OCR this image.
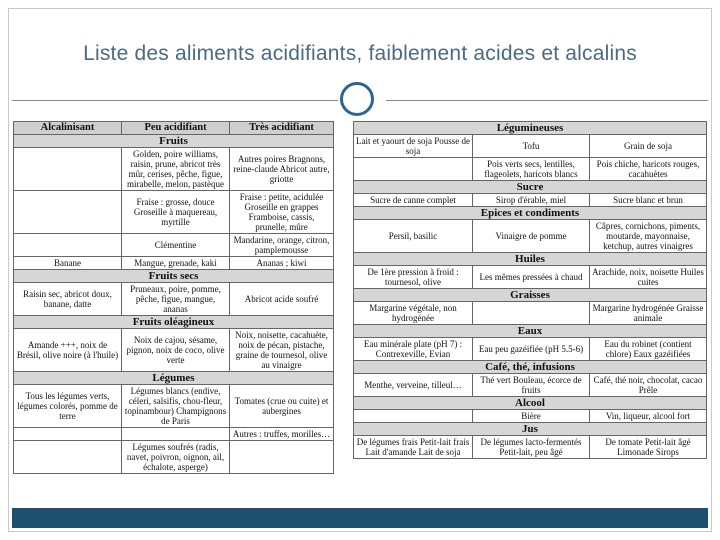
Liste des aliments acidifiants, faiblement acides et alcalins
Alcalinisant	Peu acidifiant	Très acidifiant
Fruits		
	Golden, poire williams, raisin, prune, abricot très mûr, cerises, pêche, figue, mirabelle, melon, pastèque	Autres poires Bragnons, reine-claude Abricot autre, griotte
	Fraise : grosse, douce Groseille à maquereau, myrtille	Fraise : petite, acidulée Groseille en grappes Framboise, cassis, prunelle, mûre
	Clémentine	Mandarine, orange, citron, pamplemousse
Banane	Mangue, grenade, kaki	Ananas ; kiwi
Fruits secs		
Raisin sec, abricot doux, banane, datte	Pruneaux, poire, pomme, pêche, figue, mangue, ananas	Abricot acide soufré
Fruits oléagineux		
Amande +++, noix de Brésil, olive noire (à l'huile)	Noix de cajou, sésame, pignon, noix de coco, olive verte	Noix, noisette, cacahuète, noix de pécan, pistache, graine de tournesol, olive au vinaigre
Légumes		
Tous les légumes verts, légumes colorés, pomme de terre	Légumes blancs (endive, céleri, salsifis, chou-fleur, topinambour) Champignons de Paris	Tomates (crue ou cuite) et aubergines
		Autres : truffes, morilles…
	Légumes soufrés (radis, navet, poivron, oignon, ail, échalote, asperge)	
Légumineuses		
Lait et yaourt de soja Pousse de soja	Tofu	Grain de soja
	Pois verts secs, lentilles, flageolets, haricots blancs	Pois chiche, haricots rouges, cacahuètes
Sucre		
Sucre de canne complet	Sirop d'érable, miel	Sucre blanc et brun
Epices et condiments		
Persil, basilic	Vinaigre de pomme	Câpres, cornichons, piments, moutarde, mayonnaise, ketchup, autres vinaigres
Huiles		
De 1ère pression à froid : tournesol, olive	Les mêmes pressées à chaud	Arachide, noix, noisette Huiles cuites
Graisses		
Margarine végétale, non hydrogénée		Margarine hydrogénée Graisse animale
Eaux		
Eau minérale plate (pH 7) : Contrexeville, Evian	Eau peu gazéifiée (pH 5.5-6)	Eau du robinet (contient chlore) Eaux gazéifiées
Café, thé, infusions		
Menthe, verveine, tilleul…	Thé vert Bouleau, écorce de fruits	Café, thé noir, chocolat, cacao Prêle
Alcool		
	Bière	Vin, liqueur, alcool fort
Jus		
De légumes frais Petit-lait frais Lait d'amande Lait de soja	De légumes lacto-fermentés Petit-lait, peu âgé	De tomate Petit-lait âgé Limonade Sirops
